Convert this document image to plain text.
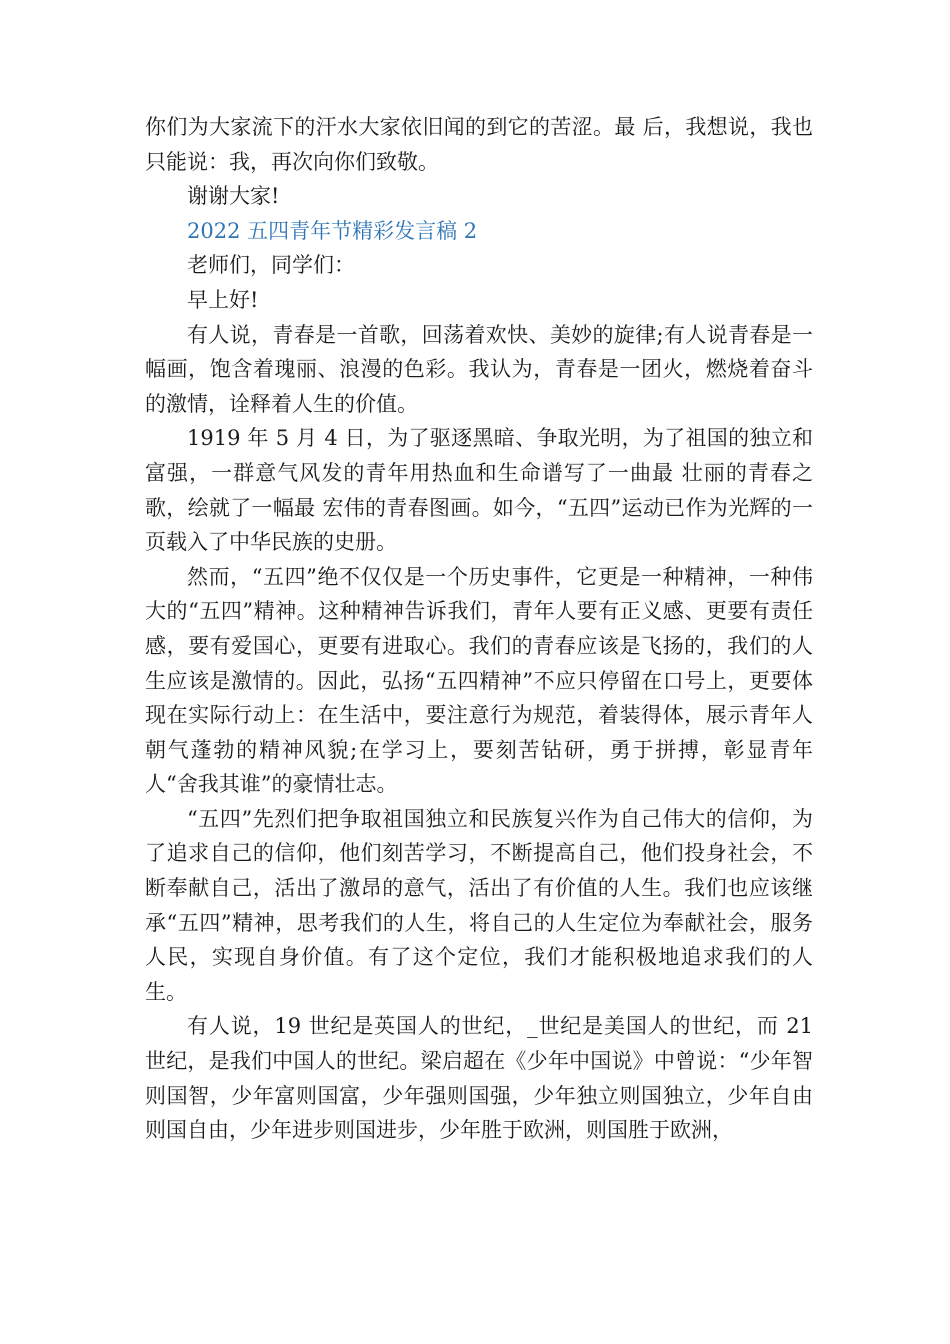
你们为大家流下的汗水大家依旧闻的到它的苦涩。最 后，我想说，我也只能说：我，再次向你们致敬。

谢谢大家!

2022 五四青年节精彩发言稿 2

老师们，同学们：

早上好!

有人说，青春是一首歌，回荡着欢快、美妙的旋律;有人说青春是一幅画，饱含着瑰丽、浪漫的色彩。我认为，青春是一团火，燃烧着奋斗的激情，诠释着人生的价值。

1919 年 5 月 4 日，为了驱逐黑暗、争取光明，为了祖国的独立和富强，一群意气风发的青年用热血和生命谱写了一曲最 壮丽的青春之歌，绘就了一幅最 宏伟的青春图画。如今，“五四”运动已作为光辉的一页载入了中华民族的史册。

然而，“五四”绝不仅仅是一个历史事件，它更是一种精神，一种伟大的“五四”精神。这种精神告诉我们，青年人要有正义感、更要有责任感，要有爱国心，更要有进取心。我们的青春应该是飞扬的，我们的人生应该是激情的。因此，弘扬“五四精神”不应只停留在口号上，更要体现在实际行动上：在生活中，要注意行为规范，着装得体，展示青年人朝气蓬勃的精神风貌;在学习上，要刻苦钻研，勇于拼搏，彰显青年人“舍我其谁”的豪情壮志。

“五四”先烈们把争取祖国独立和民族复兴作为自己伟大的信仰，为了追求自己的信仰，他们刻苦学习，不断提高自己，他们投身社会，不断奉献自己，活出了激昂的意气，活出了有价值的人生。我们也应该继承“五四”精神，思考我们的人生，将自己的人生定位为奉献社会，服务人民，实现自身价值。有了这个定位，我们才能积极地追求我们的人生。

有人说，19 世纪是英国人的世纪，_世纪是美国人的世纪，而 21 世纪，是我们中国人的世纪。梁启超在《少年中国说》中曾说：“少年智则国智，少年富则国富，少年强则国强，少年独立则国独立，少年自由则国自由，少年进步则国进步，少年胜于欧洲，则国胜于欧洲，
